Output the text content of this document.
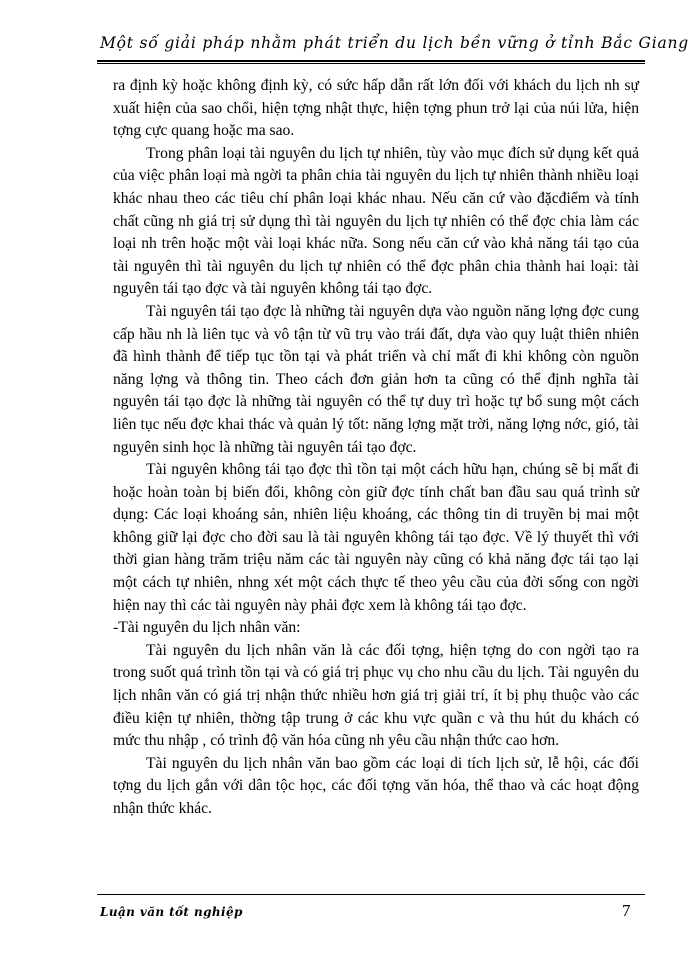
Một số giải pháp nhằm phát triển du lịch bền vững ở tỉnh Bắc Giang

ra định kỳ hoặc không định kỳ, có sức hấp dẫn rất lớn đối với khách du lịch nh sự xuất hiện của sao chổi, hiện tợng nhật thực, hiện tợng phun trở lại của núi lửa, hiện tợng cực quang hoặc ma sao.

Trong phân loại tài nguyên du lịch tự nhiên, tùy vào mục đích sử dụng kết quả của việc phân loại mà ngời ta phân chia tài nguyên du lịch tự nhiên thành nhiều loại khác nhau theo các tiêu chí phân loại khác nhau. Nếu căn cứ vào đặcđiểm và tính chất cũng nh giá trị sử dụng thì tài nguyên du lịch tự nhiên có thể đợc chia làm các loại nh trên hoặc một vài loại khác nữa. Song nếu căn cứ vào khả năng tái tạo của tài nguyên thì tài nguyên du lịch tự nhiên có thể đợc phân chia thành hai loại: tài nguyên tái tạo đợc và tài nguyên không tái tạo đợc.

Tài nguyên tái tạo đợc là những tài nguyên dựa vào nguồn năng lợng đợc cung cấp hầu nh là liên tục và vô tận từ vũ trụ vào trái đất, dựa vào quy luật thiên nhiên đã hình thành để tiếp tục tồn tại và phát triển và chỉ mất đi khi không còn nguồn năng lợng và thông tin. Theo cách đơn giản hơn ta cũng có thể định nghĩa tài nguyên tái tạo đợc là những tài nguyên có thể tự duy trì hoặc tự bổ sung một cách liên tục nếu đợc khai thác và quản lý tốt: năng lợng mặt trời, năng lợng nớc, gió, tài nguyên sinh học là những tài nguyên tái tạo đợc.

Tài nguyên không tái tạo đợc thì tồn tại một cách hữu hạn, chúng sẽ bị mất đi hoặc hoàn toàn bị biến đổi, không còn giữ đợc tính chất ban đầu sau quá trình sử dụng: Các loại khoáng sản, nhiên liệu khoáng, các thông tin di truyền bị mai một không giữ lại đợc cho đời sau là tài nguyên không tái tạo đợc. Về lý thuyết thì với thời gian hàng trăm triệu năm các tài nguyên này cũng có khả năng đợc tái tạo lại một cách tự nhiên, nhng xét một cách thực tế theo yêu cầu của đời sống con ngời hiện nay thì các tài nguyên này phải đợc xem là không tái tạo đợc.

-Tài nguyên du lịch nhân văn:

Tài nguyên du lịch nhân văn là các đối tợng, hiện tợng do con ngời tạo ra trong suốt quá trình tồn tại và có giá trị phục vụ cho nhu cầu du lịch. Tài nguyên du lịch nhân văn có giá trị nhận thức nhiều hơn giá trị giải trí, ít bị phụ thuộc vào các điều kiện tự nhiên, thờng tập trung ở các khu vực quần c và thu hút du khách có mức thu nhập , có trình độ văn hóa cũng nh yêu cầu nhận thức cao hơn.

Tài nguyên du lịch nhân văn bao gồm các loại di tích lịch sử, lễ hội, các đối tợng du lịch gắn với dân tộc học, các đối tợng văn hóa, thể thao và các hoạt động nhận thức khác.

Luận văn tốt nghiệp	7
